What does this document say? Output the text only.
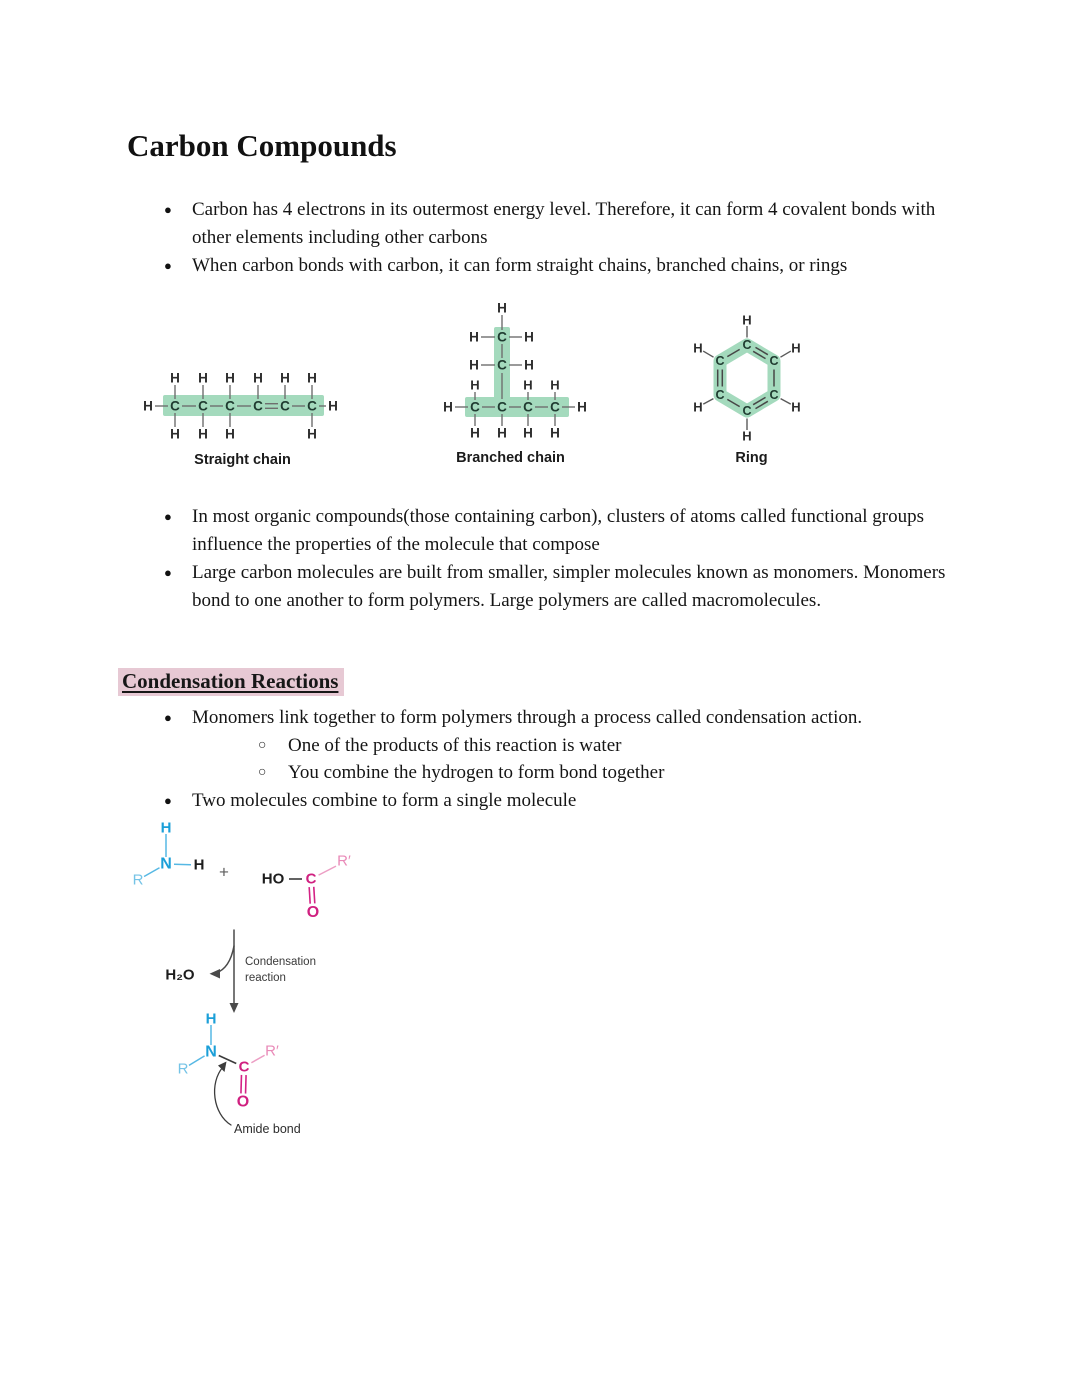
Carbon Compounds
● Carbon has 4 electrons in its outermost energy level. Therefore, it can form 4 covalent bonds with other elements including other carbons
● When carbon bonds with carbon, it can form straight chains, branched chains, or rings
H C C C C C C H
H H H H H H
H H H	H
Straight chain
H
H C H
H C H
H	H H
H C C C C H
H H H H
Branched chain
C
C
C
C
C
C
H
H
H
H
H
H
Ring
● In most organic compounds(those containing carbon), clusters of atoms called functional groups influence the properties of the molecule that compose
● Large carbon molecules are built from smaller, simpler molecules known as monomers. Monomers bond to one another to form polymers. Large polymers are called macromolecules.
Condensation Reactions
● Monomers link together to form polymers through a process called condensation action.
○ One of the products of this reaction is water
○ You combine the hydrogen to form bond together
● Two molecules combine to form a single molecule
H
N
R
H + HO C
O
R′
H₂O
Condensation
reaction
H
N
R	C
O
R′
Amide bond
